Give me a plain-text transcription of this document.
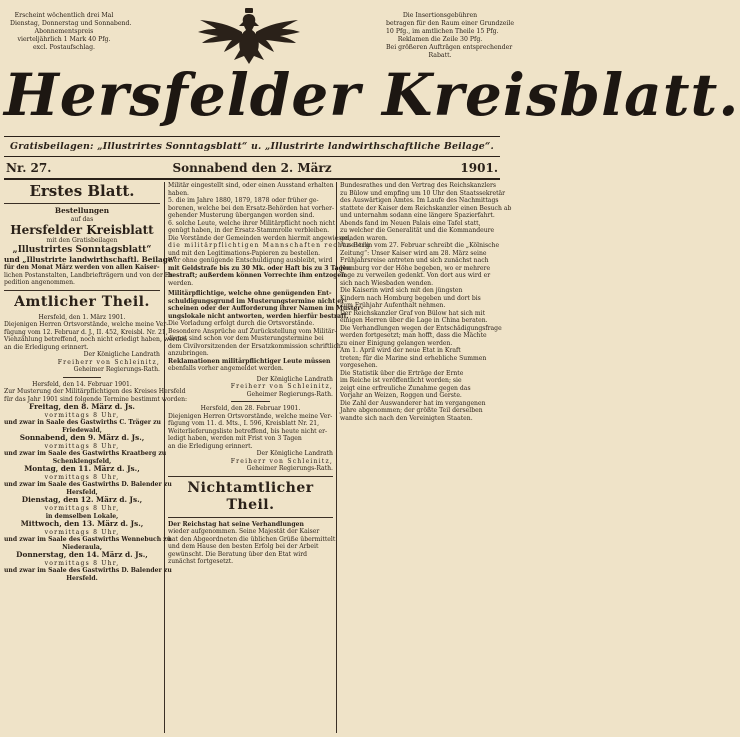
Erscheint wöchentlich drei Mal
Dienstag, Donnerstag und Sonnabend.
Abonnementspreis
vierteljährlich 1 Mark 40 Pfg.
excl. Postaufschlag.
Die Insertionsgebühren
betragen für den Raum einer Grundzeile
10 Pfg., im amtlichen Theile 15 Pfg.
Reklamen die Zeile 30 Pfg.
Bei größeren Aufträgen entsprechender
Rabatt.
Hersfelder Kreisblatt.
Gratisbeilagen: „Illustrirtes Sonntagsblatt“ u. „Illustrirte landwirthschaftliche Beilage“.
Nr. 27.	Sonnabend den 2. März	1901.
Erstes Blatt.
Bestellungen
auf das
Hersfelder Kreisblatt
mit den Gratisbeilagen
„Illustrirtes Sonntagsblatt“
und „Illustrirte landwirthschaftl. Beilage“
für den Monat März werden von allen Kaiser-
lichen Postanstalten, Landbriefträgern und von der Ex-
pedition angenommen.
Amtlicher Theil.
Hersfeld, den 1. März 1901.
Diejenigen Herren Ortsvorstände, welche meine Ver-
fügung vom 12. Februar d. J., II. 452, Kreisbl. Nr. 21,
Viehzählung betreffend, noch nicht erledigt haben, werden
an die Erledigung erinnert.
Der Königliche Landrath
Freiherr von Schleinitz,
Geheimer Regierungs-Rath.
Hersfeld, den 14. Februar 1901.
Zur Musterung der Militärpflichtigen des Kreises Hersfeld
für das Jahr 1901 sind folgende Termine bestimmt worden:
Freitag, den 8. März d. Js.
vormittags 8 Uhr,
und zwar in Saale des Gastwirths C. Träger zu
Friedewald,
Sonnabend, den 9. März d. Js.,
vormittags 8 Uhr,
und zwar im Saale des Gastwirths Kraatberg zu
Schenklengsfeld,
Montag, den 11. März d. Js.,
vormittags 8 Uhr,
und zwar im Saale des Gastwirths D. Balender zu
Hersfeld,
Dienstag, den 12. März d. Js.,
vormittags 8 Uhr,
in demselben Lokale,
Mittwoch, den 13. März d. Js.,
vormittags 8 Uhr,
und zwar im Saale des Gastwirths Wennebuch zu
Niederaula,
Donnerstag, den 14. März d. Js.,
vormittags 8 Uhr,
und zwar im Saale des Gastwirths D. Balender zu
Hersfeld.
Militär eingestellt sind, oder einen Ausstand erhalten
haben.
5. die im Jahre 1880, 1879, 1878 oder früher ge-
borenen, welche bei den Ersatz-Behörden hat vorher-
gehender Musterung übergangen worden sind.
6. solche Leute, welche ihrer Militärpflicht noch nicht
genügt haben, in der Ersatz-Stammrolle verbleiben.
Die Vorstände der Gemeinden werden hiermit angewiesen,
die militärpflichtigen Mannschaften rechtzeitig
und mit den Legitimations-Papieren zu bestellen.
Wer ohne genügende Entschuldigung ausbleibt, wird
mit Geldstrafe bis zu 30 Mk. oder Haft bis zu 3 Tagen
bestraft; außerdem können Vorrechte ihm entzogen
werden.
Militärpflichtige, welche ohne genügenden Ent-
schuldigungsgrund im Musterungstermine nicht er-
scheinen oder der Aufforderung ihrer Namen im Muster-
ungslokale nicht antworten, werden hierfür bestraft.
Die Vorladung erfolgt durch die Ortsvorstände.
Besondere Ansprüche auf Zurückstellung vom Militär-
dienst sind schon vor dem Musterungstermine bei
dem Civilvorsitzenden der Ersatzkommission schriftlich
anzubringen.
Reklamationen militärpflichtiger Leute müssen
ebenfalls vorher angemeldet werden.
Der Königliche Landrath
Freiherr von Schleinitz,
Geheimer Regierungs-Rath.
Hersfeld, den 28. Februar 1901.
Diejenigen Herren Ortsvorstände, welche meine Ver-
fügung vom 11. d. Mts., I. 596, Kreisblatt Nr. 21,
Weiterlieferungsliste betreffend, bis heute nicht er-
ledigt haben, werden mit Frist von 3 Tagen
an die Erledigung erinnert.
Der Königliche Landrath
Freiherr von Schleinitz,
Geheimer Regierungs-Rath.
Nichtamtlicher Theil.
Der Reichstag hat seine Verhandlungen
wieder aufgenommen. Seine Majestät der Kaiser
hat den Abgeordneten die üblichen Grüße übermittelt
und dem Hause den besten Erfolg bei der Arbeit
gewünscht. Die Beratung über den Etat wird
zunächst fortgesetzt.
Bundesrathes und den Vertrag des Reichskanzlers
zu Bülow und empfing um 10 Uhr den Staatssekretär
des Auswärtigen Amtes. Im Laufe des Nachmittags
stattete der Kaiser dem Reichskanzler einen Besuch ab
und unternahm sodann eine längere Spazierfahrt.
Abends fand im Neuen Palais eine Tafel statt,
zu welcher die Generalität und die Kommandeure
geladen waren.
Aus Berlin vom 27. Februar schreibt die „Kölnische
Zeitung“: Unser Kaiser wird am 28. März seine
Frühjahrsreise antreten und sich zunächst nach
Homburg vor der Höhe begeben, wo er mehrere
Tage zu verweilen gedenkt. Von dort aus wird er
sich nach Wiesbaden wenden.
Die Kaiserin wird sich mit den jüngsten
Kindern nach Homburg begeben und dort bis
zum Frühjahr Aufenthalt nehmen.
Der Reichskanzler Graf von Bülow hat sich mit
einigen Herren über die Lage in China beraten.
Die Verhandlungen wegen der Entschädigungsfrage
werden fortgesetzt; man hofft, dass die Mächte
zu einer Einigung gelangen werden.
Am 1. April wird der neue Etat in Kraft
treten; für die Marine sind erhebliche Summen
vorgesehen.
Die Statistik über die Erträge der Ernte
im Reiche ist veröffentlicht worden; sie
zeigt eine erfreuliche Zunahme gegen das
Vorjahr an Weizen, Roggen und Gerste.
Die Zahl der Auswanderer hat im vergangenen
Jahre abgenommen; der größte Teil derselben
wandte sich nach den Vereinigten Staaten.
